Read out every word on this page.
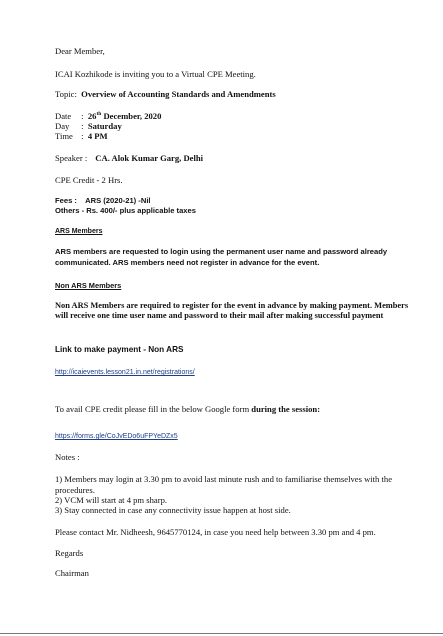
Dear Member,
ICAI Kozhikode is inviting you to a Virtual CPE Meeting.
Topic: Overview of Accounting Standards and Amendments
Date : 26th December, 2020
Day : Saturday
Time : 4 PM
Speaker : CA. Alok Kumar Garg, Delhi
CPE Credit - 2 Hrs.
Fees : ARS (2020-21) -Nil
Others - Rs. 400/- plus applicable taxes
ARS Members
ARS members are requested to login using the permanent user name and password already communicated. ARS members need not register in advance for the event.
Non ARS Members
Non ARS Members are required to register for the event in advance by making payment. Members will receive one time user name and password to their mail after making successful payment
Link to make payment - Non ARS
http://icaievents.lesson21.in.net/registrations/
To avail CPE credit please fill in the below Google form during the session:
https://forms.gle/CoJvEDo6uFPYeDZx5
Notes :
1) Members may login at 3.30 pm to avoid last minute rush and to familiarise themselves with the procedures.
2) VCM will start at 4 pm sharp.
3) Stay connected in case any connectivity issue happen at host side.
Please contact Mr. Nidheesh, 9645770124, in case you need help between 3.30 pm and 4 pm.
Regards
Chairman
